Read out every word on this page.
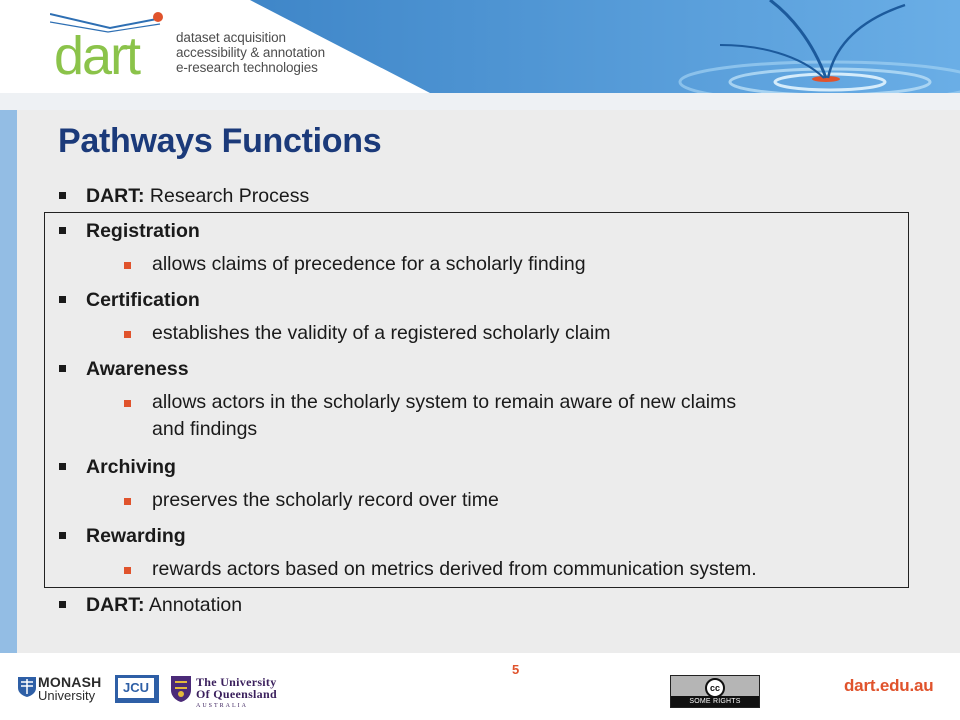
dart	dataset acquisition
accessibility & annotation
e-research technologies
Pathways Functions
DART: Research Process
Registration
allows claims of precedence for a scholarly finding
Certification
establishes the validity of a registered scholarly claim
Awareness
allows actors in the scholarly system to remain aware of new claims
and findings
Archiving
preserves the scholarly record over time
Rewarding
rewards actors based on metrics derived from communication system.
DART: Annotation
5
MONASH
University
JCU	The University
Of Queensland
AUSTRALIA
cc
SOME RIGHTS RESERVED
dart.edu.au
